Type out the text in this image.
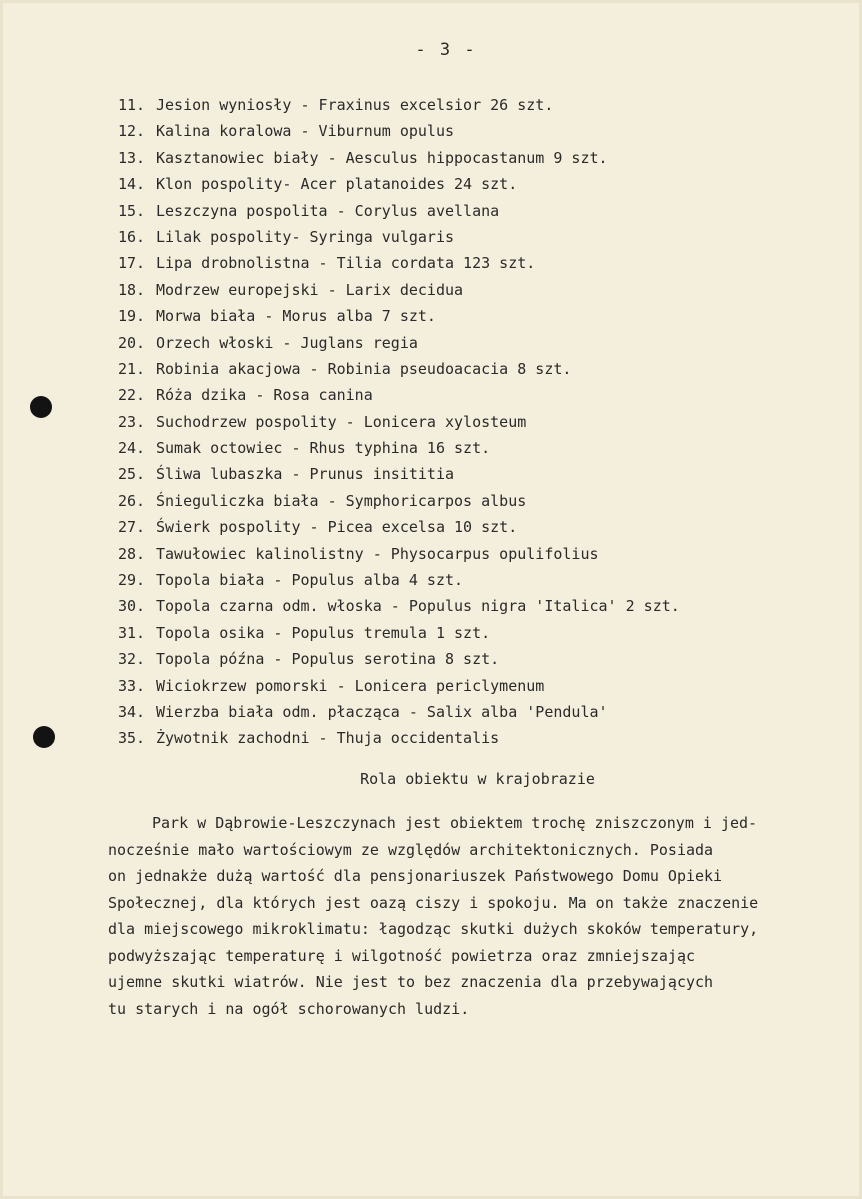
- 3 -
11. Jesion wyniosły - Fraxinus excelsior 26 szt.
12. Kalina koralowa - Viburnum opulus
13. Kasztanowiec biały - Aesculus hippocastanum 9 szt.
14. Klon pospolity- Acer platanoides 24 szt.
15. Leszczyna pospolita - Corylus avellana
16. Lilak pospolity- Syringa vulgaris
17. Lipa drobnolistna - Tilia cordata 123 szt.
18. Modrzew europejski - Larix decidua
19. Morwa biała - Morus alba 7 szt.
20. Orzech włoski - Juglans regia
21. Robinia akacjowa - Robinia pseudoacacia 8 szt.
22. Róża dzika - Rosa canina
23. Suchodrzew pospolity - Lonicera xylosteum
24. Sumak octowiec - Rhus typhina 16 szt.
25. Śliwa lubaszka - Prunus insititia
26. Śnieguliczka biała - Symphoricarpos albus
27. Świerk pospolity - Picea excelsa 10 szt.
28. Tawułowiec kalinolistny - Physocarpus opulifolius
29. Topola biała - Populus alba 4 szt.
30. Topola czarna odm. włoska - Populus nigra 'Italica' 2 szt.
31. Topola osika - Populus tremula 1 szt.
32. Topola późna - Populus serotina 8 szt.
33. Wiciokrzew pomorski - Lonicera periclymenum
34. Wierzba biała odm. płacząca - Salix alba 'Pendula'
35. Żywotnik zachodni - Thuja occidentalis
Rola obiektu w krajobrazie
Park w Dąbrowie-Leszczynach jest obiektem trochę zniszczonym i jed-
nocześnie mało wartościowym ze względów architektonicznych. Posiada
on jednakże dużą wartość dla pensjonariuszek Państwowego Domu Opieki
Społecznej, dla których jest oazą ciszy i spokoju. Ma on także znaczenie
dla miejscowego mikroklimatu: łagodząc skutki dużych skoków temperatury,
podwyższając temperaturę i wilgotność powietrza oraz zmniejszając
ujemne skutki wiatrów. Nie jest to bez znaczenia dla przebywających
tu starych i na ogół schorowanych ludzi.
